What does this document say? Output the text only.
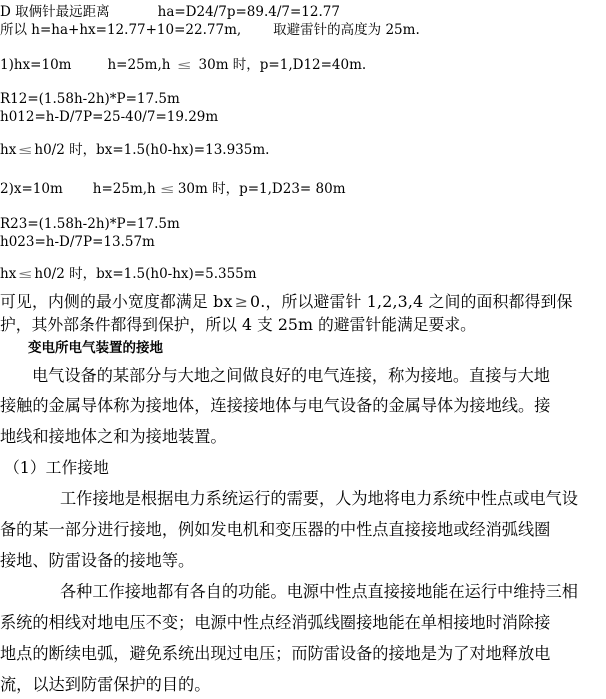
D 取俩针最远距离	ha=D24/7p=89.4/7=12.77
所以 h=ha+hx=12.77+10=22.77m, 取避雷针的高度为 25m.
1)hx=10m	h=25m,h ≤ 30m 时，p=1,D12=40m.
R12=(1.58h-2h)*P=17.5m
h012=h-D/7P=25-40/7=19.29m
hx≤h0/2 时，bx=1.5(h0-hx)=13.935m.
2)x=10m h=25m,h ≤ 30m 时，p=1,D23= 80m
R23=(1.58h-2h)*P=17.5m
h023=h-D/7P=13.57m
hx≤h0/2 时，bx=1.5(h0-hx)=5.355m
可见，内侧的最小宽度都满足 bx ≥ 0.，所以避雷针 1,2,3,4 之间的面积都得到保
护，其外部条件都得到保护，所以 4 支 25m 的避雷针能满足要求。
变电所电气装置的接地
电气设备的某部分与大地之间做良好的电气连接，称为接地。直接与大地
接触的金属导体称为接地体，连接接地体与电气设备的金属导体为接地线。接
地线和接地体之和为接地装置。
（1）工作接地
工作接地是根据电力系统运行的需要，人为地将电力系统中性点或电气设
备的某一部分进行接地，例如发电机和变压器的中性点直接接地或经消弧线圈
接地、防雷设备的接地等。
各种工作接地都有各自的功能。电源中性点直接接地能在运行中维持三相
系统的相线对地电压不变；电源中性点经消弧线圈接地能在单相接地时消除接
地点的断续电弧，避免系统出现过电压；而防雷设备的接地是为了对地释放电
流，以达到防雷保护的目的。
